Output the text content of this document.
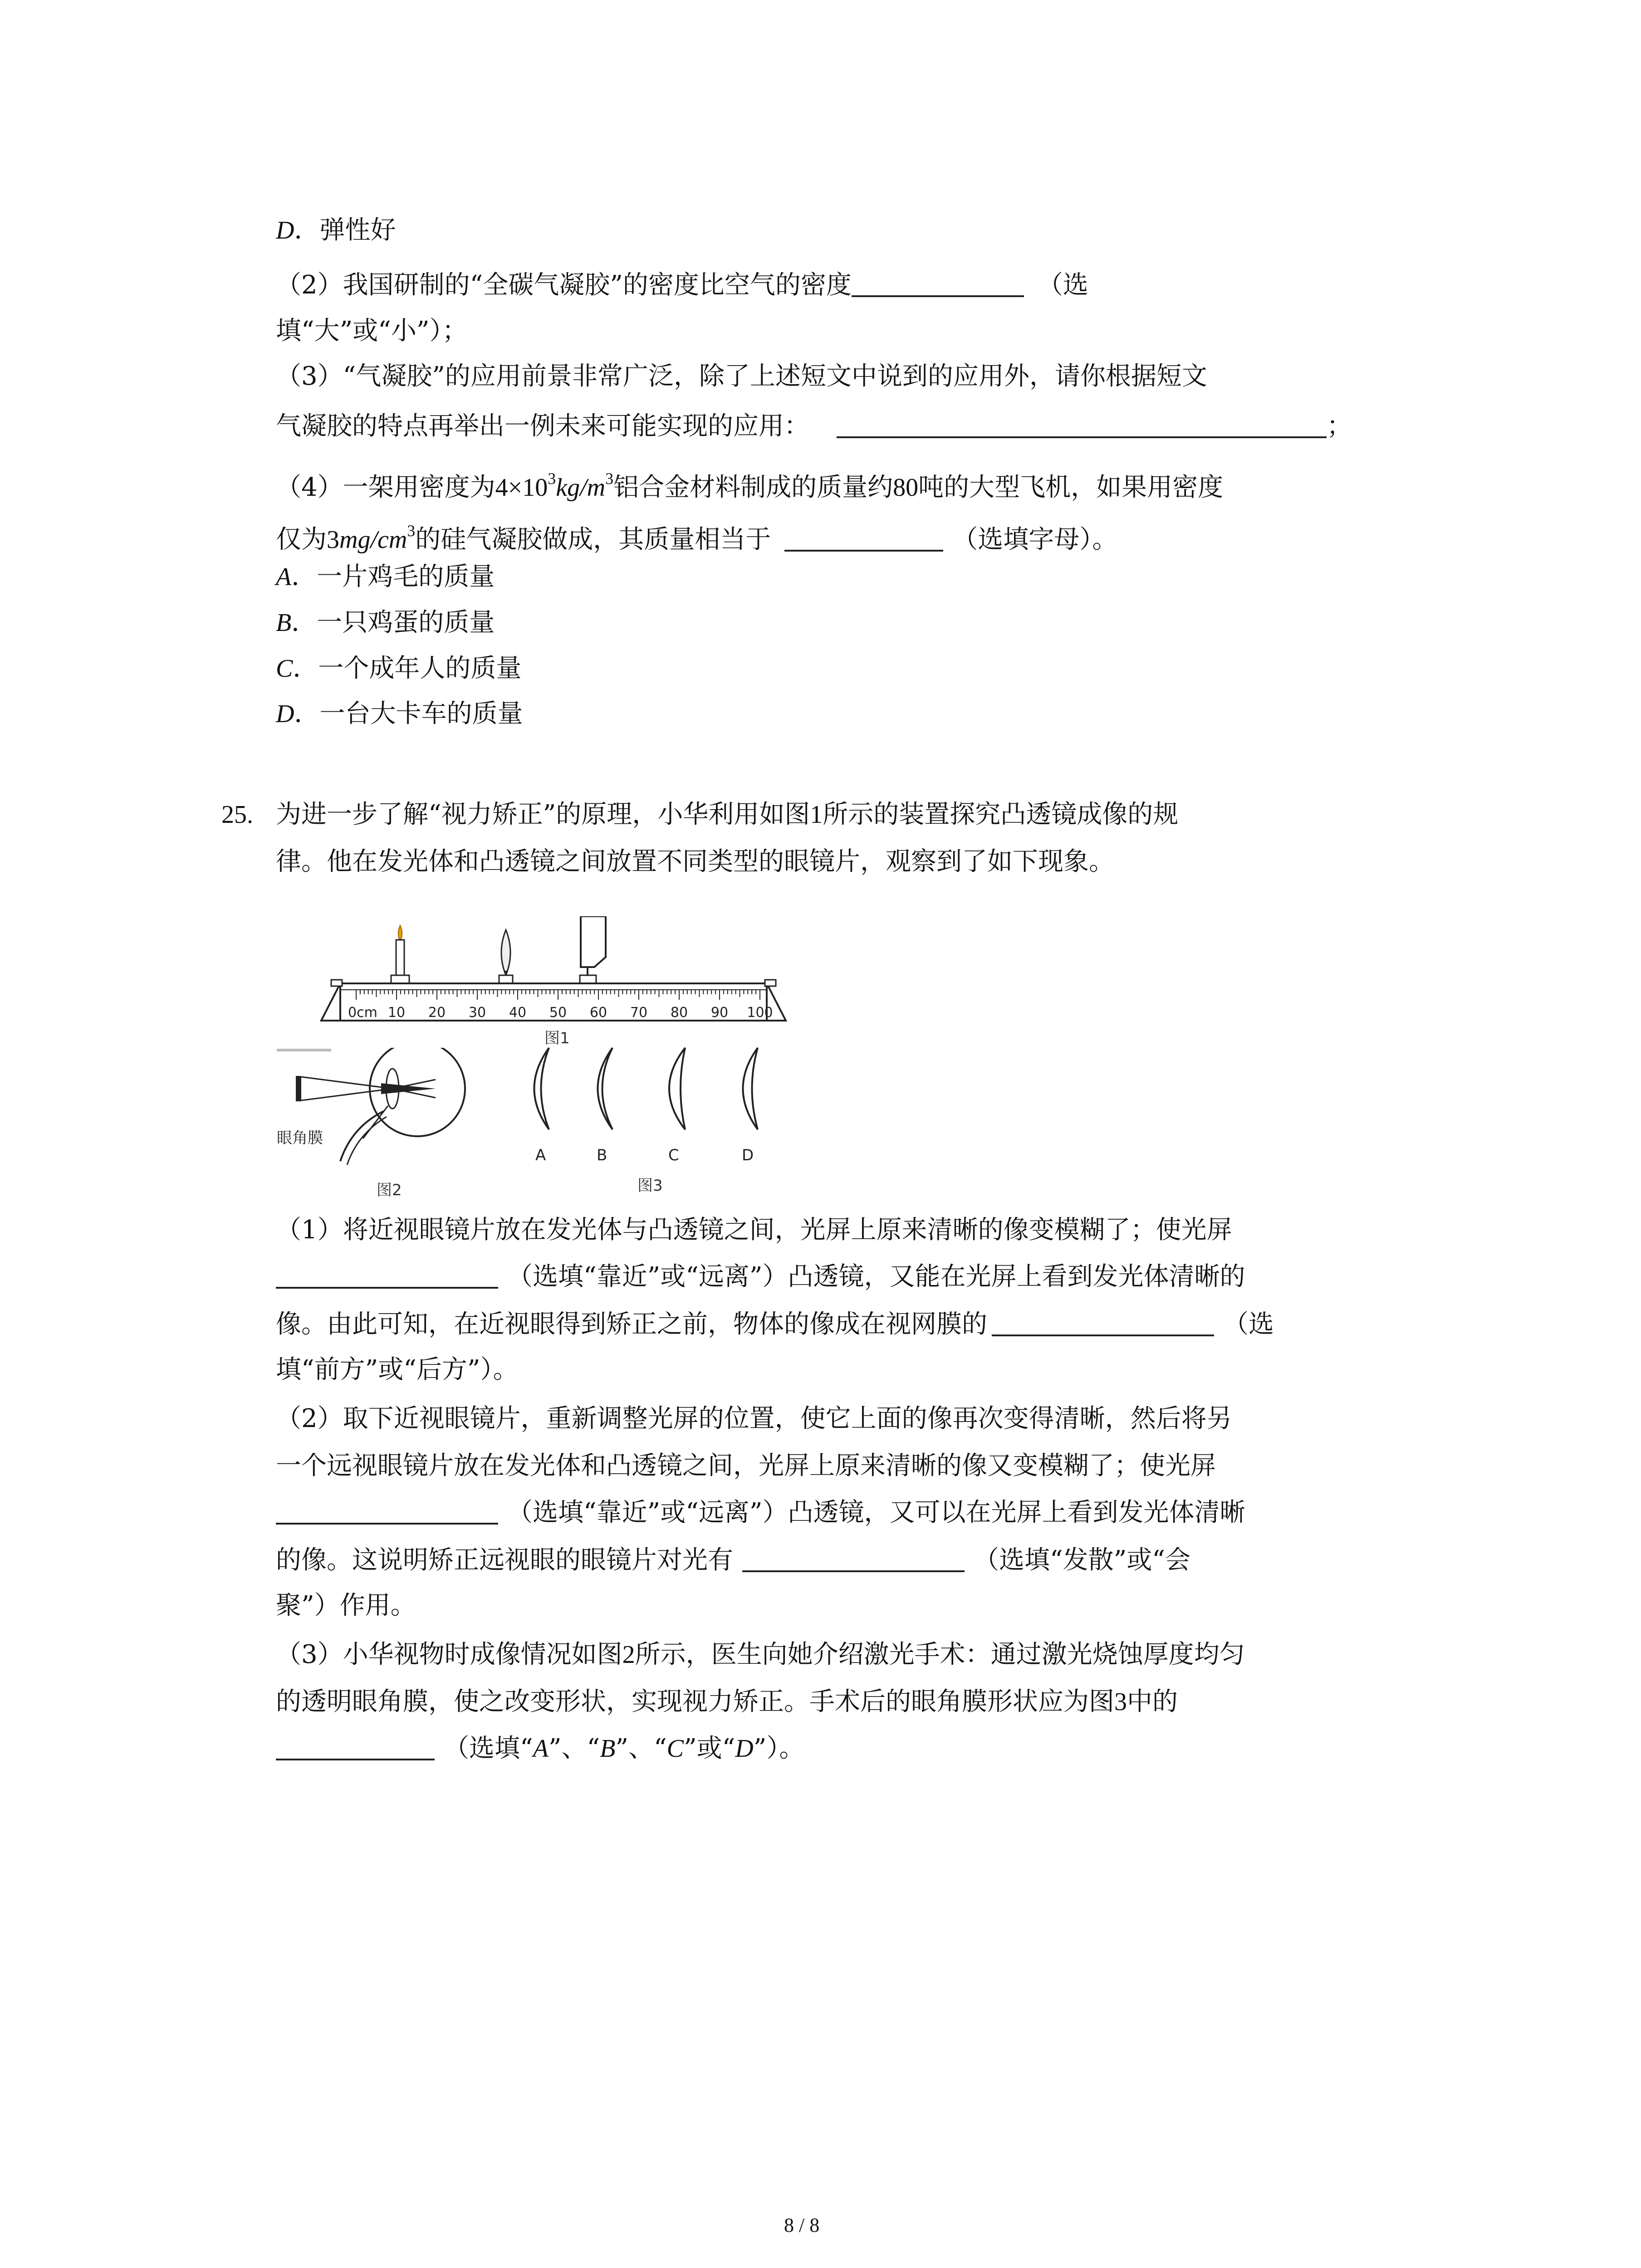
D．弹性好
（2）我国研制的“全碳气凝胶”的密度比空气的密度	（选
填“大”或“小”）；
（3）“气凝胶”的应用前景非常广泛，除了上述短文中说到的应用外，请你根据短文
气凝胶的特点再举出一例未来可能实现的应用：	；
（4）一架用密度为$4\times 10^3kg/m^3$铝合金材料制成的质量约80吨的大型飞机，如果用密度
仅为$3mg/cm^3$的硅气凝胶做成，其质量相当于	（选填字母）。
A．一片鸡毛的质量
B．一只鸡蛋的质量
C．一个成年人的质量
D．一台大卡车的质量
25. 为进一步了解“视力矫正”的原理，小华利用如图1所示的装置探究凸透镜成像的规
律。他在发光体和凸透镜之间放置不同类型的眼镜片，观察到了如下现象。
0cm 10 20 30 40 50 60 70 80 90 100
图1
眼角膜
图2
A	B	C	D
图3
（1）将近视眼镜片放在发光体与凸透镜之间，光屏上原来清晰的像变模糊了；使光屏
（选填“靠近”或“远离”）凸透镜，又能在光屏上看到发光体清晰的
像。由此可知，在近视眼得到矫正之前，物体的像成在视网膜的	（选
填“前方”或“后方”）。
（2）取下近视眼镜片，重新调整光屏的位置，使它上面的像再次变得清晰，然后将另
一个远视眼镜片放在发光体和凸透镜之间，光屏上原来清晰的像又变模糊了；使光屏
（选填“靠近”或“远离”）凸透镜，又可以在光屏上看到发光体清晰
的像。这说明矫正远视眼的眼镜片对光有	（选填“发散”或“会
聚”）作用。
（3）小华视物时成像情况如图2所示，医生向她介绍激光手术：通过激光烧蚀厚度均匀
的透明眼角膜，使之改变形状，实现视力矫正。手术后的眼角膜形状应为图3中的
（选填“A”、“B”、“C”或“D”）。
8 / 8
